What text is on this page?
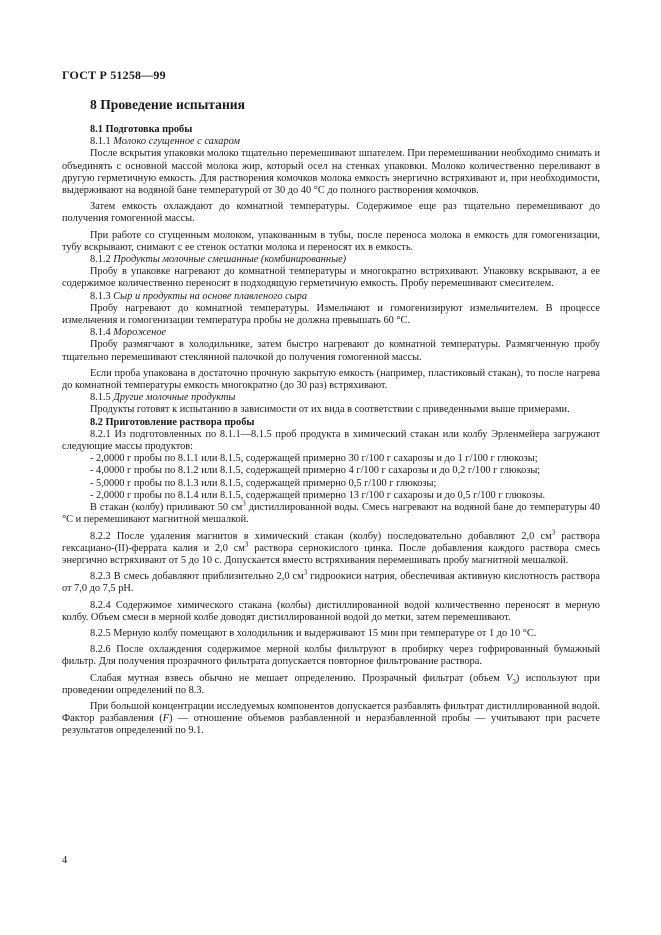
ГОСТ Р 51258—99
8 Проведение испытания
8.1 Подготовка пробы
8.1.1 Молоко сгущенное с сахаром

После вскрытия упаковки молоко тщательно перемешивают шпателем. При перемешивании необходимо снимать и объединять с основной массой молока жир, который осел на стенках упаковки. Молоко количественно переливают в другую герметичную емкость. Для растворения комочков молока емкость энергично встряхивают и, при необходимости, выдерживают на водяной бане температурой от 30 до 40 °С до полного растворения комочков.

Затем емкость охлаждают до комнатной температуры. Содержимое еще раз тщательно перемешивают до получения гомогенной массы.

При работе со сгущенным молоком, упакованным в тубы, после переноса молока в емкость для гомогенизации, тубу вскрывают, снимают с ее стенок остатки молока и переносят их в емкость.

8.1.2 Продукты молочные смешанные (комбинированные)

Пробу в упаковке нагревают до комнатной температуры и многократно встряхивают. Упаковку вскрывают, а ее содержимое количественно переносят в подходящую герметичную емкость. Пробу перемешивают смесителем.

8.1.3 Сыр и продукты на основе плавленого сыра

Пробу нагревают до комнатной температуры. Измельчают и гомогенизируют измельчителем. В процессе измельчения и гомогенизации температура пробы не должна превышать 60 °С.

8.1.4 Мороженое

Пробу размягчают в холодильнике, затем быстро нагревают до комнатной температуры. Размягченную пробу тщательно перемешивают стеклянной палочкой до получения гомогенной массы.

Если проба упакована в достаточно прочную закрытую емкость (например, пластиковый стакан), то после нагрева до комнатной температуры емкость многократно (до 30 раз) встряхивают.

8.1.5 Другие молочные продукты

Продукты готовят к испытанию в зависимости от их вида в соответствии с приведенными выше примерами.

8.2 Приготовление раствора пробы

8.2.1 Из подготовленных по 8.1.1—8.1.5 проб продукта в химический стакан или колбу Эрленмейера загружают следующие массы продуктов:

- 2,0000 г пробы по 8.1.1 или 8.1.5, содержащей примерно 30 г/100 г сахарозы и до 1 г/100 г глюкозы;

- 4,0000 г пробы по 8.1.2 или 8.1.5, содержащей примерно 4 г/100 г сахарозы и до 0,2 г/100 г глюкозы;

- 5,0000 г пробы по 8.1.3 или 8.1.5, содержащей примерно 0,5 г/100 г глюкозы;

- 2,0000 г пробы по 8.1.4 или 8.1.5, содержащей примерно 13 г/100 г сахарозы и до 0,5 г/100 г глюкозы.

В стакан (колбу) приливают 50 $см^3$ дистиллированной воды. Смесь нагревают на водяной бане до температуры 40 °С и перемешивают магнитной мешалкой.

8.2.2 После удаления магнитов в химический стакан (колбу) последовательно добавляют 2,0 $см^3$ раствора гексациано-(II)-феррата калия и 2,0 $см^3$ раствора сернокислого цинка. После добавления каждого раствора смесь энергично встряхивают от 5 до 10 с. Допускается вместо встряхивания перемешивать пробу магнитной мешалкой.

8.2.3 В смесь добавляют приблизительно 2,0 $см^3$ гидроокиси натрия, обеспечивая активную кислотность раствора от 7,0 до 7,5 рН.

8.2.4 Содержимое химического стакана (колбы) дистиллированной водой количественно переносят в мерную колбу. Объем смеси в мерной колбе доводят дистиллированной водой до метки, затем перемешивают.

8.2.5 Мерную колбу помещают в холодильник и выдерживают 15 мин при температуре от 1 до 10 °С.

8.2.6 После охлаждения содержимое мерной колбы фильтруют в пробирку через гофрированный бумажный фильтр. Для получения прозрачного фильтрата допускается повторное фильтрование раствора.

Слабая мутная взвесь обычно не мешает определению. Прозрачный фильтрат (объем $V_3$) используют при проведении определений по 8.3.

При большой концентрации исследуемых компонентов допускается разбавлять фильтрат дистиллированной водой. Фактор разбавления (F) — отношение объемов разбавленной и неразбавленной пробы — учитывают при расчете результатов определений по 9.1.

4
